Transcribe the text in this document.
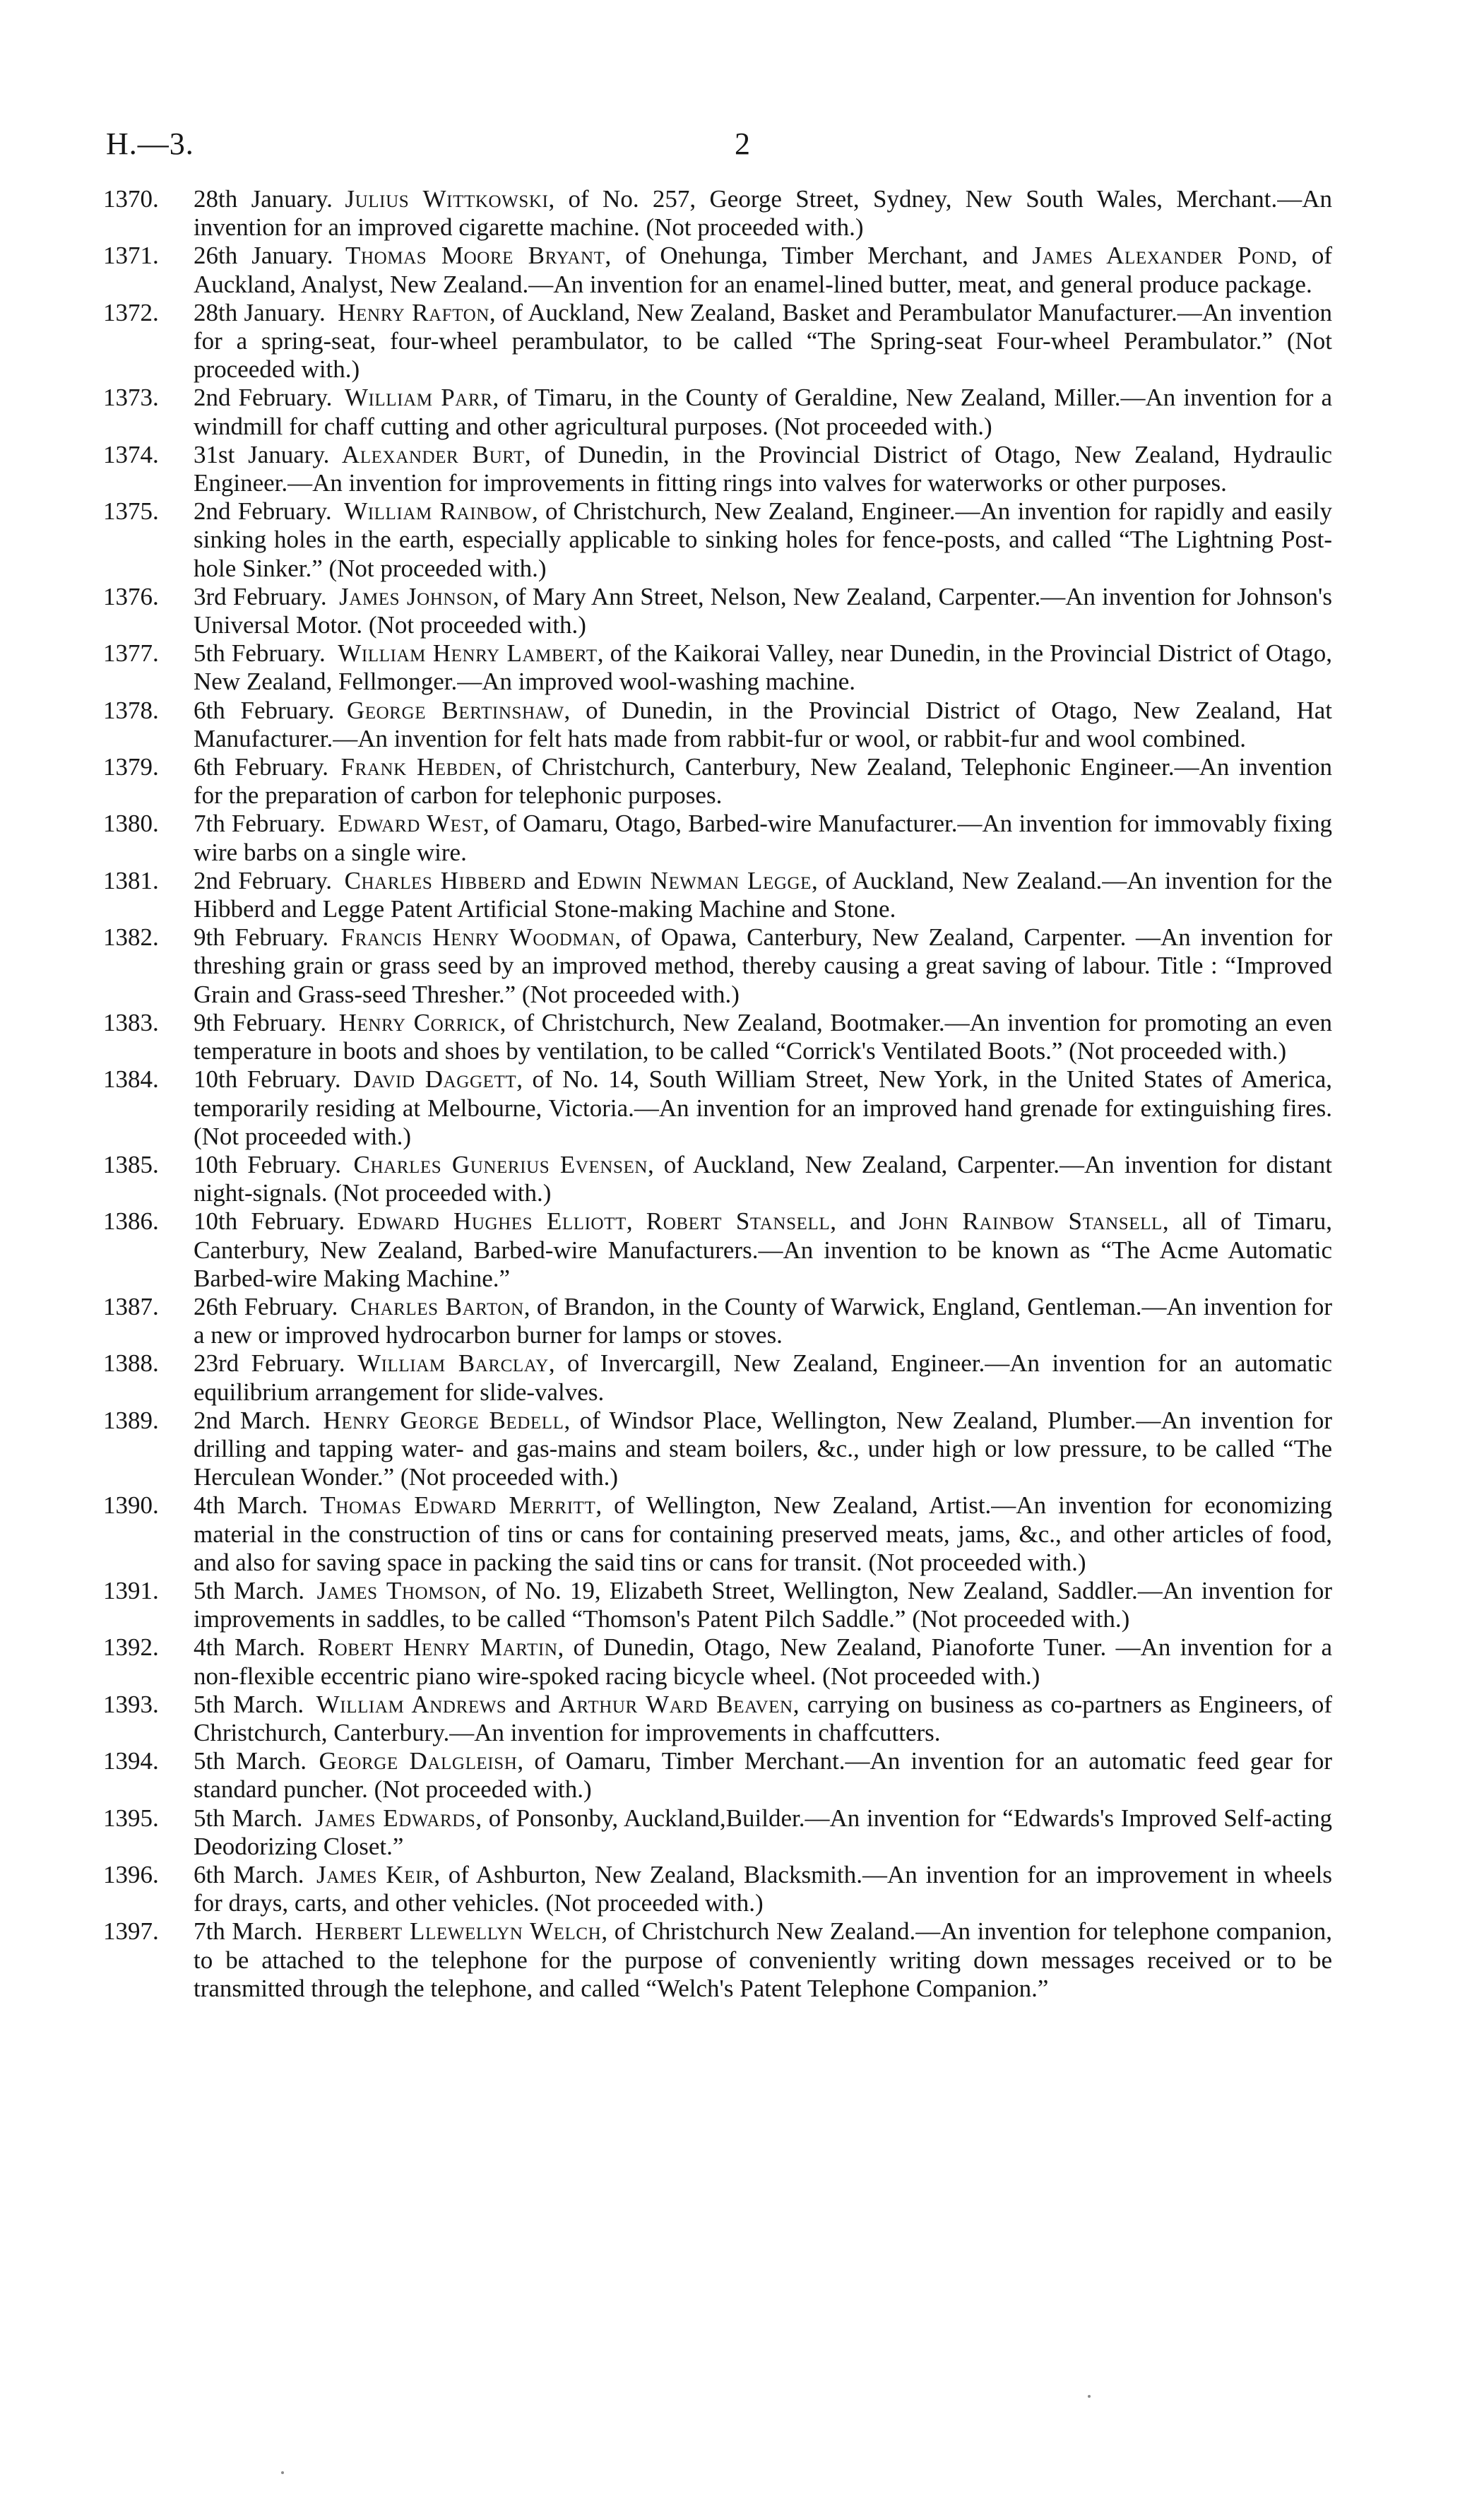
H.—3.	2
1370. 28th January.  Julius Wittkowski, of No. 257, George Street, Sydney, New South Wales, Merchant.—An invention for an improved cigarette machine. (Not proceeded with.)
1371. 26th January.  Thomas Moore Bryant, of Onehunga, Timber Merchant, and James Alexander Pond, of Auckland, Analyst, New Zealand.—An invention for an enamel-lined butter, meat, and general produce package.
1372. 28th January.  Henry Rafton, of Auckland, New Zealand, Basket and Perambulator Manufacturer.—An invention for a spring-seat, four-wheel perambulator, to be called “The Spring-seat Four-wheel Perambulator.” (Not proceeded with.)
1373. 2nd February.  William Parr, of Timaru, in the County of Geraldine, New Zealand, Miller.—An invention for a windmill for chaff cutting and other agricultural purposes. (Not proceeded with.)
1374. 31st January.  Alexander Burt, of Dunedin, in the Provincial District of Otago, New Zealand, Hydraulic Engineer.—An invention for improvements in fitting rings into valves for waterworks or other purposes.
1375. 2nd February.  William Rainbow, of Christchurch, New Zealand, Engineer.—An invention for rapidly and easily sinking holes in the earth, especially applicable to sinking holes for fence-posts, and called “The Lightning Post-hole Sinker.” (Not proceeded with.)
1376. 3rd February.  James Johnson, of Mary Ann Street, Nelson, New Zealand, Carpenter.—An invention for Johnson's Universal Motor. (Not proceeded with.)
1377. 5th February.  William Henry Lambert, of the Kaikorai Valley, near Dunedin, in the Provincial District of Otago, New Zealand, Fellmonger.—An improved wool-washing machine.
1378. 6th February.  George Bertinshaw, of Dunedin, in the Provincial District of Otago, New Zealand, Hat Manufacturer.—An invention for felt hats made from rabbit-fur or wool, or rabbit-fur and wool combined.
1379. 6th February.  Frank Hebden, of Christchurch, Canterbury, New Zealand, Telephonic Engineer.—An invention for the preparation of carbon for telephonic purposes.
1380. 7th February.  Edward West, of Oamaru, Otago, Barbed-wire Manufacturer.—An invention for immovably fixing wire barbs on a single wire.
1381. 2nd February.  Charles Hibberd and Edwin Newman Legge, of Auckland, New Zealand.—An invention for the Hibberd and Legge Patent Artificial Stone-making Machine and Stone.
1382. 9th February.  Francis Henry Woodman, of Opawa, Canterbury, New Zealand, Carpenter. —An invention for threshing grain or grass seed by an improved method, thereby causing a great saving of labour. Title : “Improved Grain and Grass-seed Thresher.” (Not proceeded with.)
1383. 9th February.  Henry Corrick, of Christchurch, New Zealand, Bootmaker.—An invention for promoting an even temperature in boots and shoes by ventilation, to be called “Corrick's Ventilated Boots.” (Not proceeded with.)
1384. 10th February.  David Daggett, of No. 14, South William Street, New York, in the United States of America, temporarily residing at Melbourne, Victoria.—An invention for an improved hand grenade for extinguishing fires. (Not proceeded with.)
1385. 10th February.  Charles Gunerius Evensen, of Auckland, New Zealand, Carpenter.—An invention for distant night-signals. (Not proceeded with.)
1386. 10th February.  Edward Hughes Elliott, Robert Stansell, and John Rainbow Stansell, all of Timaru, Canterbury, New Zealand, Barbed-wire Manufacturers.—An invention to be known as “The Acme Automatic Barbed-wire Making Machine.”
1387. 26th February.  Charles Barton, of Brandon, in the County of Warwick, England, Gentleman.—An invention for a new or improved hydrocarbon burner for lamps or stoves.
1388. 23rd February.  William Barclay, of Invercargill, New Zealand, Engineer.—An invention for an automatic equilibrium arrangement for slide-valves.
1389. 2nd March.  Henry George Bedell, of Windsor Place, Wellington, New Zealand, Plumber.—An invention for drilling and tapping water- and gas-mains and steam boilers, &c., under high or low pressure, to be called “The Herculean Wonder.” (Not proceeded with.)
1390. 4th March.  Thomas Edward Merritt, of Wellington, New Zealand, Artist.—An invention for economizing material in the construction of tins or cans for containing preserved meats, jams, &c., and other articles of food, and also for saving space in packing the said tins or cans for transit. (Not proceeded with.)
1391. 5th March.  James Thomson, of No. 19, Elizabeth Street, Wellington, New Zealand, Saddler.—An invention for improvements in saddles, to be called “Thomson's Patent Pilch Saddle.” (Not proceeded with.)
1392. 4th March.  Robert Henry Martin, of Dunedin, Otago, New Zealand, Pianoforte Tuner. —An invention for a non-flexible eccentric piano wire-spoked racing bicycle wheel. (Not proceeded with.)
1393. 5th March.  William Andrews and Arthur Ward Beaven, carrying on business as co-partners as Engineers, of Christchurch, Canterbury.—An invention for improvements in chaffcutters.
1394. 5th March.  George Dalgleish, of Oamaru, Timber Merchant.—An invention for an automatic feed gear for standard puncher. (Not proceeded with.)
1395. 5th March.  James Edwards, of Ponsonby, Auckland,Builder.—An invention for “Edwards's Improved Self-acting Deodorizing Closet.”
1396. 6th March.  James Keir, of Ashburton, New Zealand, Blacksmith.—An invention for an improvement in wheels for drays, carts, and other vehicles. (Not proceeded with.)
1397. 7th March.  Herbert Llewellyn Welch, of Christchurch New Zealand.—An invention for telephone companion, to be attached to the telephone for the purpose of conveniently writing down messages received or to be transmitted through the telephone, and called “Welch's Patent Telephone Companion.”
